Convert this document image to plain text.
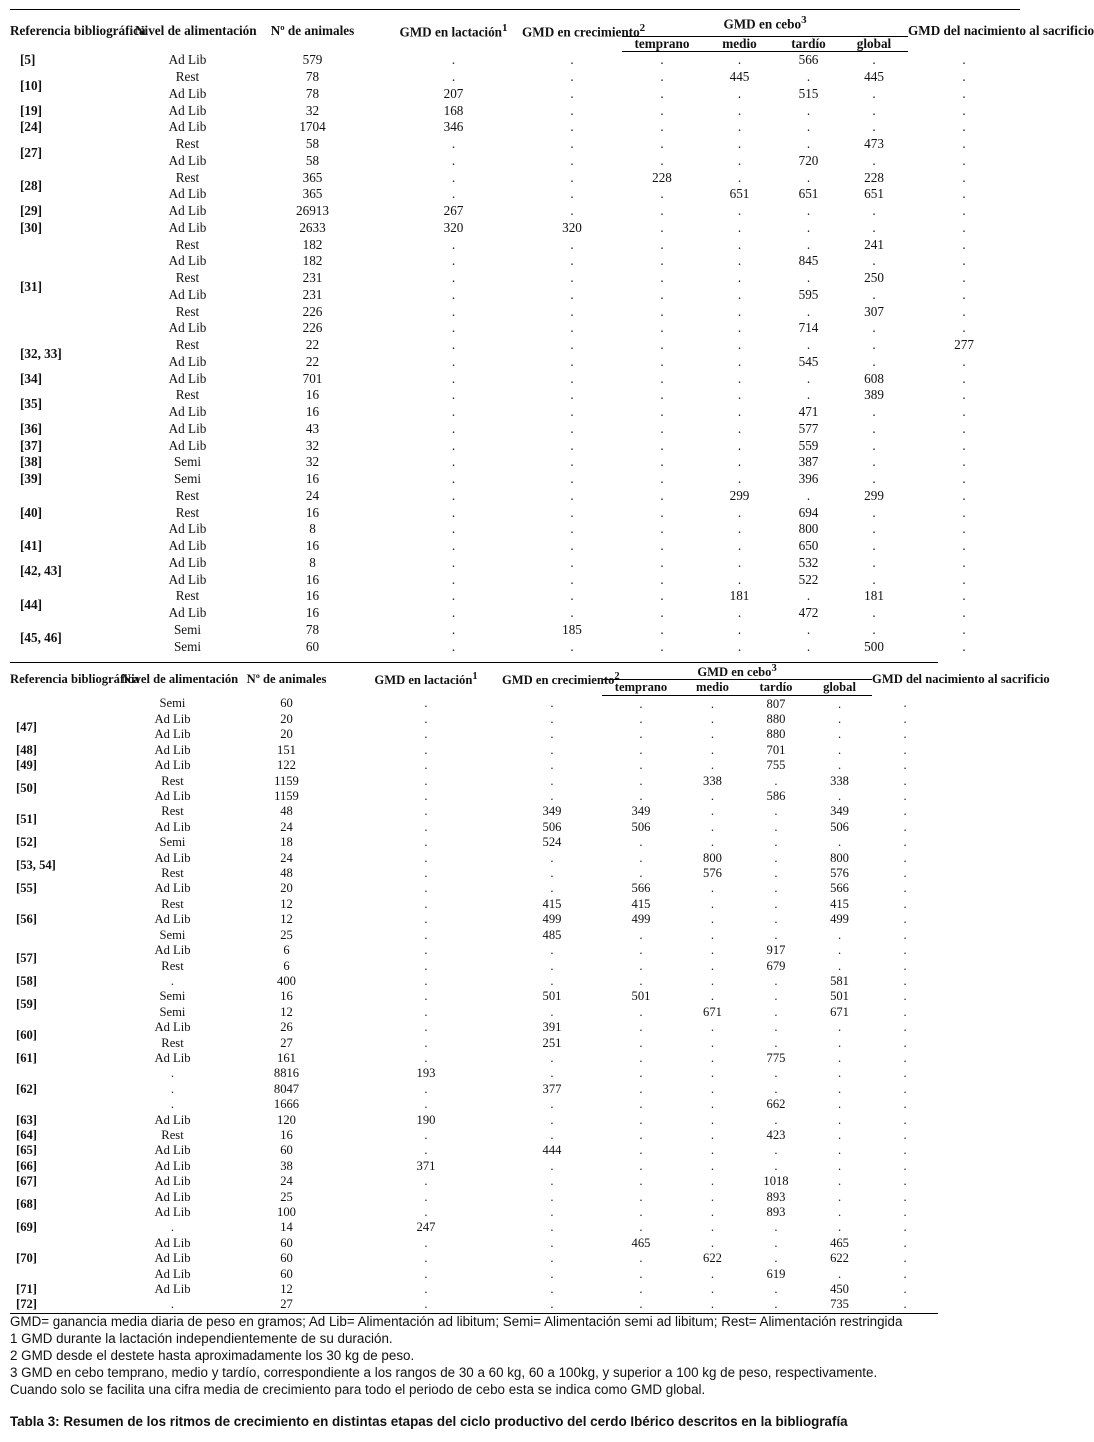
Referencia bibliográfica	Nivel de alimentación	Nº de animales	GMD en lactación$^1$	GMD en crecimiento$^2$	GMD en cebo$^3$				GMD del nacimiento al sacrificio
					temprano	medio	tardío	global	
[5]	Ad Lib	579	.	.	.	.	566	.	.
[10]	Rest	78	.	.	.	445	.	445	.
	Ad Lib	78	207	.	.	.	515	.	.
[19]	Ad Lib	32	168	.	.	.	.	.	.
[24]	Ad Lib	1704	346	.	.	.	.	.	.
[27]	Rest	58	.	.	.	.	.	473	.
	Ad Lib	58	.	.	.	.	720	.	.
[28]	Rest	365	.	.	228	.	.	228	.
	Ad Lib	365	.	.	.	651	651	651	.
[29]	Ad Lib	26913	267	.	.	.	.	.	.
[30]	Ad Lib	2633	320	320	.	.	.	.	.
[31]	Rest	182	.	.	.	.	.	241	.
	Ad Lib	182	.	.	.	.	845	.	.
	Rest	231	.	.	.	.	.	250	.
	Ad Lib	231	.	.	.	.	595	.	.
	Rest	226	.	.	.	.	.	307	.
	Ad Lib	226	.	.	.	.	714	.	.
[32, 33]	Rest	22	.	.	.	.	.	.	277
	Ad Lib	22	.	.	.	.	545	.	.
[34]	Ad Lib	701	.	.	.	.	.	608	.
[35]	Rest	16	.	.	.	.	.	389	.
	Ad Lib	16	.	.	.	.	471	.	.
[36]	Ad Lib	43	.	.	.	.	577	.	.
[37]	Ad Lib	32	.	.	.	.	559	.	.
[38]	Semi	32	.	.	.	.	387	.	.
[39]	Semi	16	.	.	.	.	396	.	.
[40]	Rest	24	.	.	.	299	.	299	.
	Rest	16	.	.	.	.	694	.	.
	Ad Lib	8	.	.	.	.	800	.	.
[41]	Ad Lib	16	.	.	.	.	650	.	.
[42, 43]	Ad Lib	8	.	.	.	.	532	.	.
	Ad Lib	16	.	.	.	.	522	.	.
[44]	Rest	16	.	.	.	181	.	181	.
	Ad Lib	16	.	.	.	.	472	.	.
[45, 46]	Semi	78	.	185	.	.	.	.	.
	Semi	60	.	.	.	.	.	500	.
Referencia bibliográfica	Nivel de alimentación	Nº de animales	GMD en lactación$^1$	GMD en crecimiento$^2$	GMD en cebo$^3$				GMD del nacimiento al sacrificio
					temprano	medio	tardío	global	
	Semi	60	.	.	.	.	807	.	.
[47]	Ad Lib	20	.	.	.	.	880	.	.
	Ad Lib	20	.	.	.	.	880	.	.
[48]	Ad Lib	151	.	.	.	.	701	.	.
[49]	Ad Lib	122	.	.	.	.	755	.	.
[50]	Rest	1159	.	.	.	338	.	338	.
	Ad Lib	1159	.	.	.	.	586	.	.
[51]	Rest	48	.	349	349	.	.	349	.
	Ad Lib	24	.	506	506	.	.	506	.
[52]	Semi	18	.	524	.	.	.	.	.
[53, 54]	Ad Lib	24	.	.	.	800	.	800	.
	Rest	48	.	.	.	576	.	576	.
[55]	Ad Lib	20	.	.	566	.	.	566	.
[56]	Rest	12	.	415	415	.	.	415	.
	Ad Lib	12	.	499	499	.	.	499	.
	Semi	25	.	485	.	.	.	.	.
[57]	Ad Lib	6	.	.	.	.	917	.	.
	Rest	6	.	.	.	.	679	.	.
[58]	.	400	.	.	.	.	.	581	.
[59]	Semi	16	.	501	501	.	.	501	.
	Semi	12	.	.	.	671	.	671	.
[60]	Ad Lib	26	.	391	.	.	.	.	.
	Rest	27	.	251	.	.	.	.	.
[61]	Ad Lib	161	.	.	.	.	775	.	.
[62]	.	8816	193	.	.	.	.	.	.
	.	8047	.	377	.	.	.	.	.
	.	1666	.	.	.	.	662	.	.
[63]	Ad Lib	120	190	.	.	.	.	.	.
[64]	Rest	16	.	.	.	.	423	.	.
[65]	Ad Lib	60	.	444	.	.	.	.	.
[66]	Ad Lib	38	371	.	.	.	.	.	.
[67]	Ad Lib	24	.	.	.	.	1018	.	.
[68]	Ad Lib	25	.	.	.	.	893	.	.
	Ad Lib	100	.	.	.	.	893	.	.
[69]	.	14	247	.	.	.	.	.	.
[70]	Ad Lib	60	.	.	465	.	.	465	.
	Ad Lib	60	.	.	.	622	.	622	.
	Ad Lib	60	.	.	.	.	619	.	.
[71]	Ad Lib	12	.	.	.	.	.	450	.
[72]	.	27	.	.	.	.	.	735	.
GMD= ganancia media diaria de peso en gramos; Ad Lib= Alimentación ad libitum; Semi= Alimentación semi ad libitum; Rest= Alimentación restringida
1 GMD durante la lactación independientemente de su duración.
2 GMD desde el destete hasta aproximadamente los 30 kg de peso.
3 GMD en cebo temprano, medio y tardío, correspondiente a los rangos de 30 a 60 kg, 60 a 100kg, y superior a 100 kg de peso, respectivamente.
Cuando solo se facilita una cifra media de crecimiento para todo el periodo de cebo esta se indica como GMD global.
Tabla 3: Resumen de los ritmos de crecimiento en distintas etapas del ciclo productivo del cerdo Ibérico descritos en la bibliografía
